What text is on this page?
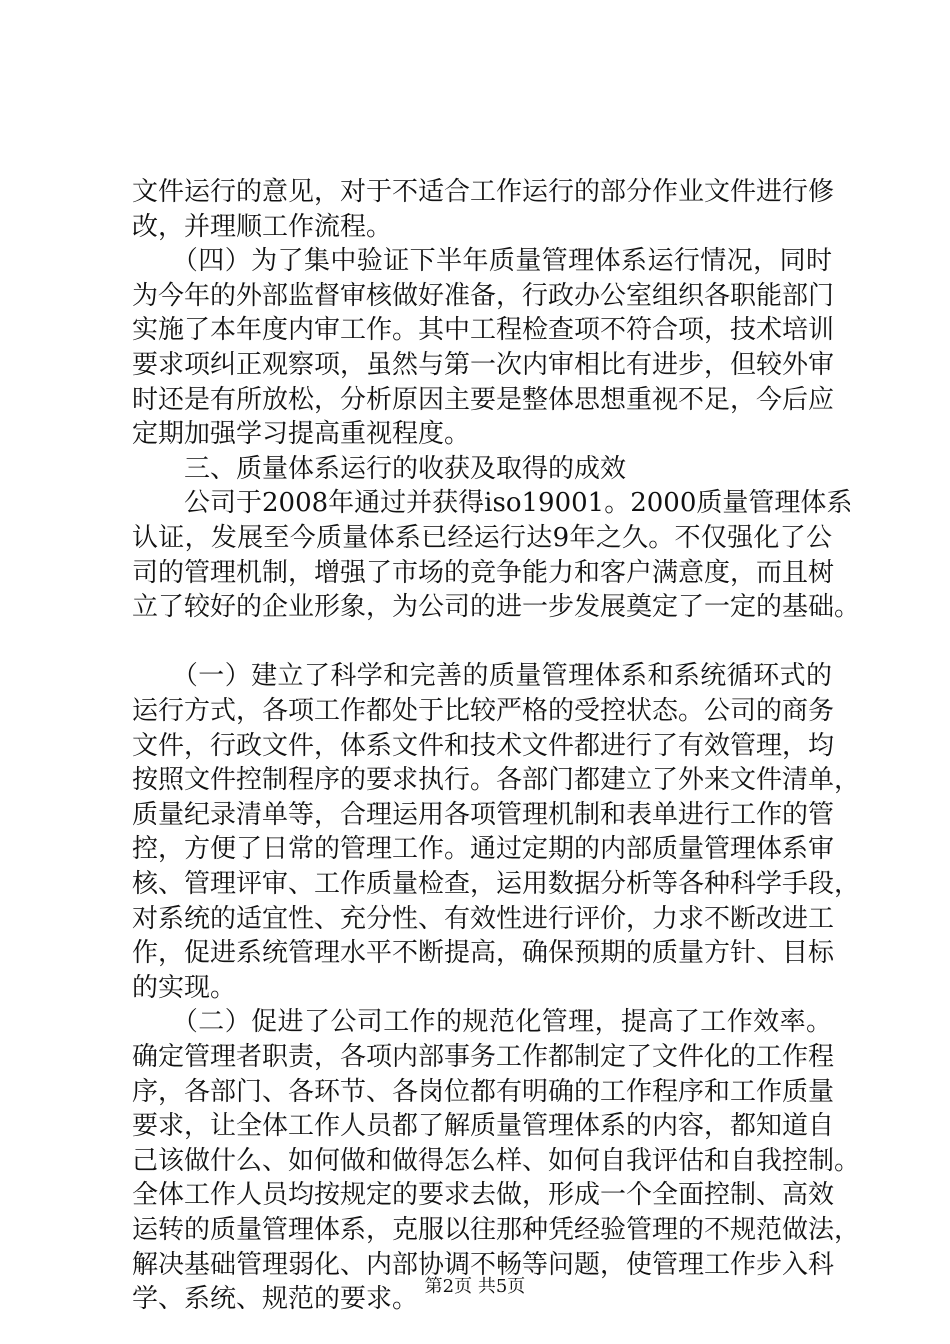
文件运行的意见，对于不适合工作运行的部分作业文件进行修
改，并理顺工作流程。
　　（四）为了集中验证下半年质量管理体系运行情况，同时
为今年的外部监督审核做好准备，行政办公室组织各职能部门
实施了本年度内审工作。其中工程检查项不符合项，技术培训
要求项纠正观察项，虽然与第一次内审相比有进步，但较外审
时还是有所放松，分析原因主要是整体思想重视不足，今后应
定期加强学习提高重视程度。
　　三、质量体系运行的收获及取得的成效
　　公司于2008年通过并获得iso19001。2000质量管理体系
认证，发展至今质量体系已经运行达9年之久。不仅强化了公
司的管理机制，增强了市场的竞争能力和客户满意度，而且树
立了较好的企业形象，为公司的进一步发展奠定了一定的基础。
　　（一）建立了科学和完善的质量管理体系和系统循环式的
运行方式，各项工作都处于比较严格的受控状态。公司的商务
文件，行政文件，体系文件和技术文件都进行了有效管理，均
按照文件控制程序的要求执行。各部门都建立了外来文件清单，
质量纪录清单等，合理运用各项管理机制和表单进行工作的管
控，方便了日常的管理工作。通过定期的内部质量管理体系审
核、管理评审、工作质量检查，运用数据分析等各种科学手段，
对系统的适宜性、充分性、有效性进行评价，力求不断改进工
作，促进系统管理水平不断提高，确保预期的质量方针、目标
的实现。
　　（二）促进了公司工作的规范化管理，提高了工作效率。
确定管理者职责，各项内部事务工作都制定了文件化的工作程
序，各部门、各环节、各岗位都有明确的工作程序和工作质量
要求，让全体工作人员都了解质量管理体系的内容，都知道自
己该做什么、如何做和做得怎么样、如何自我评估和自我控制。
全体工作人员均按规定的要求去做，形成一个全面控制、高效
运转的质量管理体系，克服以往那种凭经验管理的不规范做法，
解决基础管理弱化、内部协调不畅等问题，使管理工作步入科
学、系统、规范的要求。 第2页 共5页
